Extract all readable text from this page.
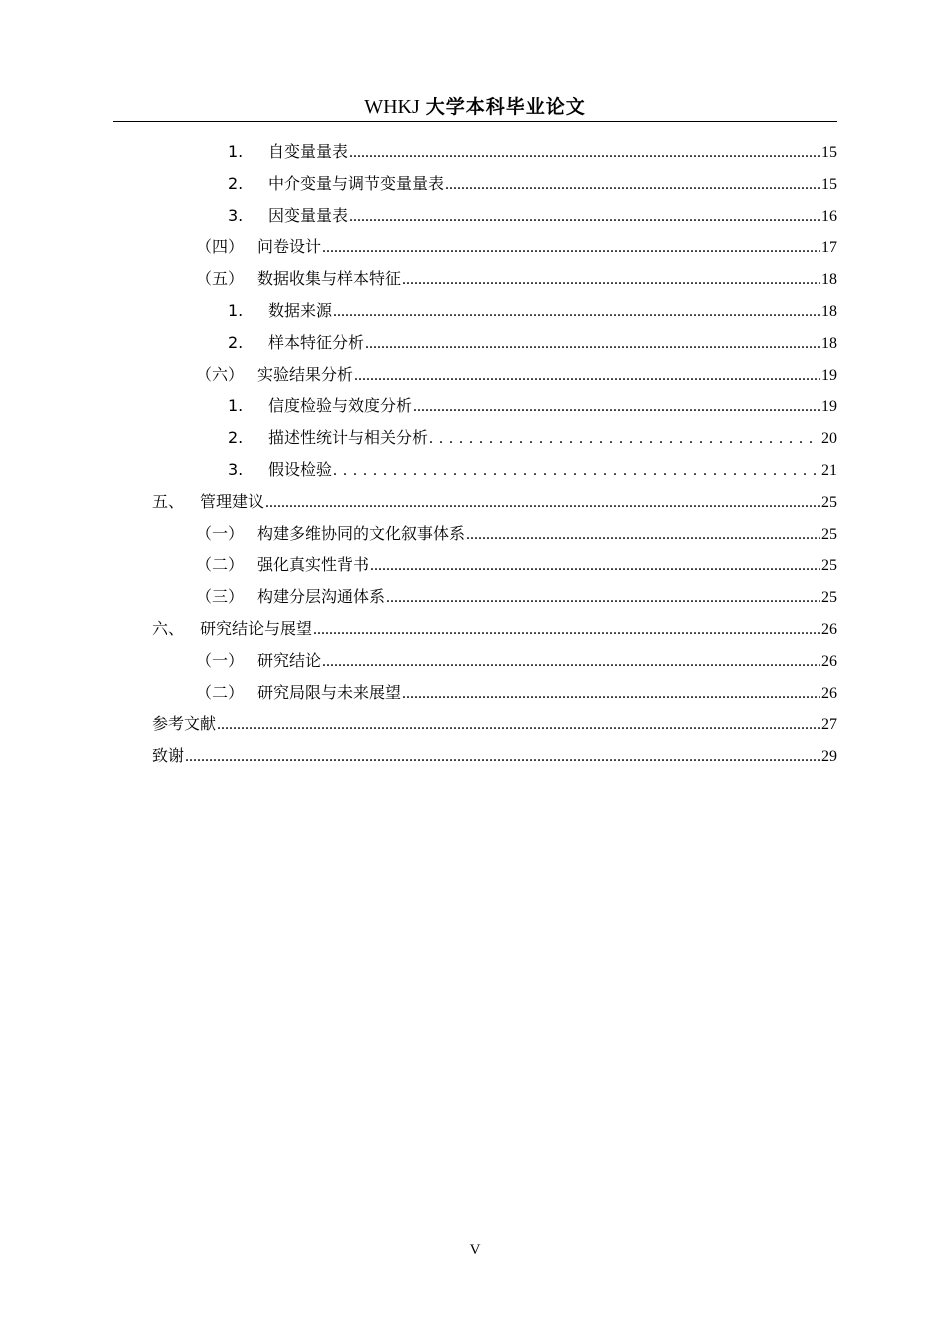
WHKJ 大学本科毕业论文
1.	自变量量表 .....	15
2.	中介变量与调节变量量表 .....	15
3.	因变量量表 .....	16
（四） 问卷设计 .....	17
（五） 数据收集与样本特征 .....	18
1.	数据来源 .....	18
2.	样本特征分析 .....	18
（六） 实验结果分析 .....	19
1.	信度检验与效度分析 .....	19
2.	描述性统计与相关分析 . . .	20
3.	假设检验 . . .	21
五、 管理建议 .....	25
（一） 构建多维协同的文化叙事体系 .....	25
（二） 强化真实性背书 .....	25
（三） 构建分层沟通体系 .....	25
六、 研究结论与展望 .....	26
（一） 研究结论 .....	26
（二） 研究局限与未来展望 .....	26
参考文献 .....	27
致谢 .....	29
V
